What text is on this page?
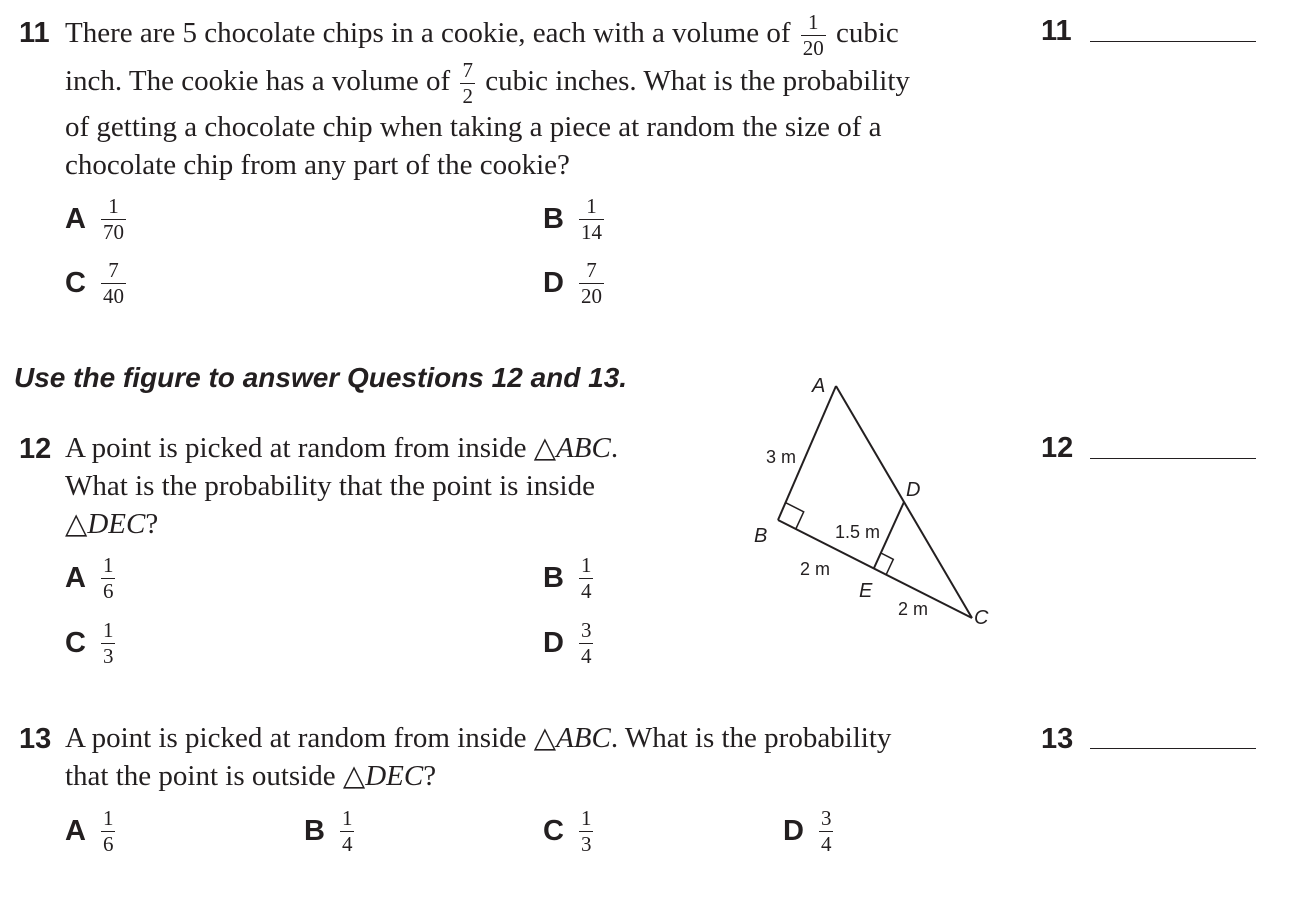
11 There are 5 chocolate chips in a cookie, each with a volume of $\frac{1}{20}$ cubic
inch. The cookie has a volume of $\frac{7}{2}$ cubic inches. What is the probability
of getting a chocolate chip when taking a piece at random the size of a
chocolate chip from any part of the cookie?
A $\frac{1}{70}$	B $\frac{1}{14}$
C $\frac{7}{40}$	D $\frac{7}{20}$
11
Use the figure to answer Questions 12 and 13.
12 A point is picked at random from inside △ABC.
What is the probability that the point is inside
△DEC?
A $\frac{1}{6}$	B $\frac{1}{4}$
C $\frac{1}{3}$	D $\frac{3}{4}$
12
A
B
C
D
E
3 m
1.5 m
2 m
2 m
13 A point is picked at random from inside △ABC. What is the probability
that the point is outside △DEC?
A $\frac{1}{6}$	B $\frac{1}{4}$	C $\frac{1}{3}$	D $\frac{3}{4}$
13
